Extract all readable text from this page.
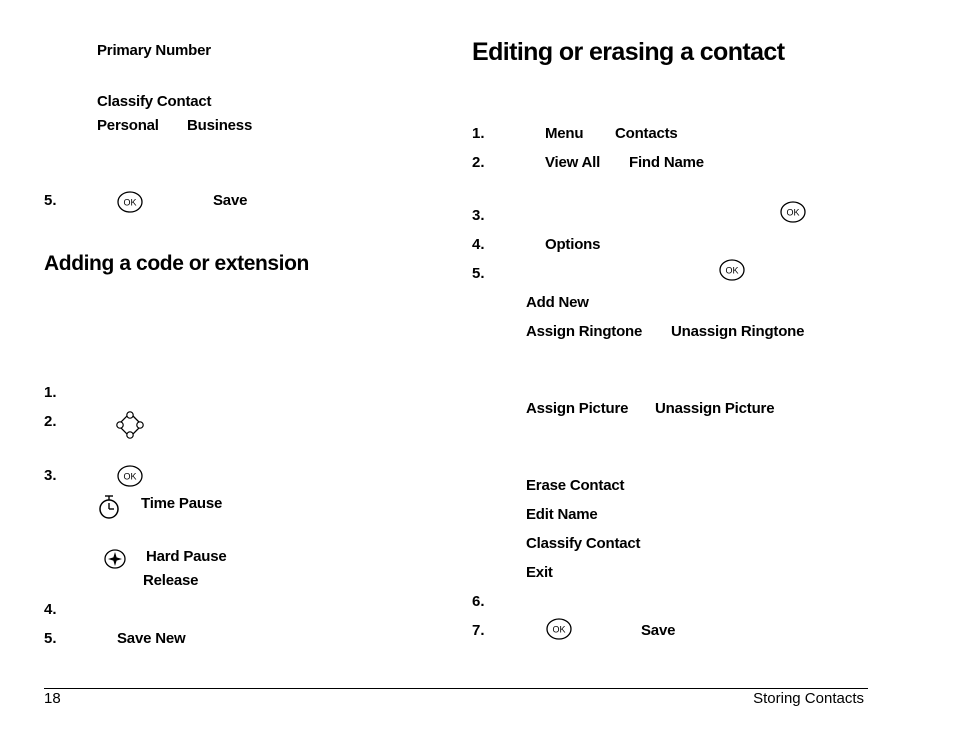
Primary Number
Classify Contact
Personal Business
5.	OK	Save
Adding a code or extension
1.
2.
3.	OK
Time Pause
Hard Pause
Release
4.
5.	Save New
Editing or erasing a contact
1.	Menu Contacts
2.	View All Find Name
3.	OK
4.	Options
5.	OK
Add New
Assign Ringtone Unassign Ringtone
Assign Picture Unassign Picture
Erase Contact
Edit Name
Classify Contact
Exit
6.
7.	OK	Save
18	Storing Contacts
